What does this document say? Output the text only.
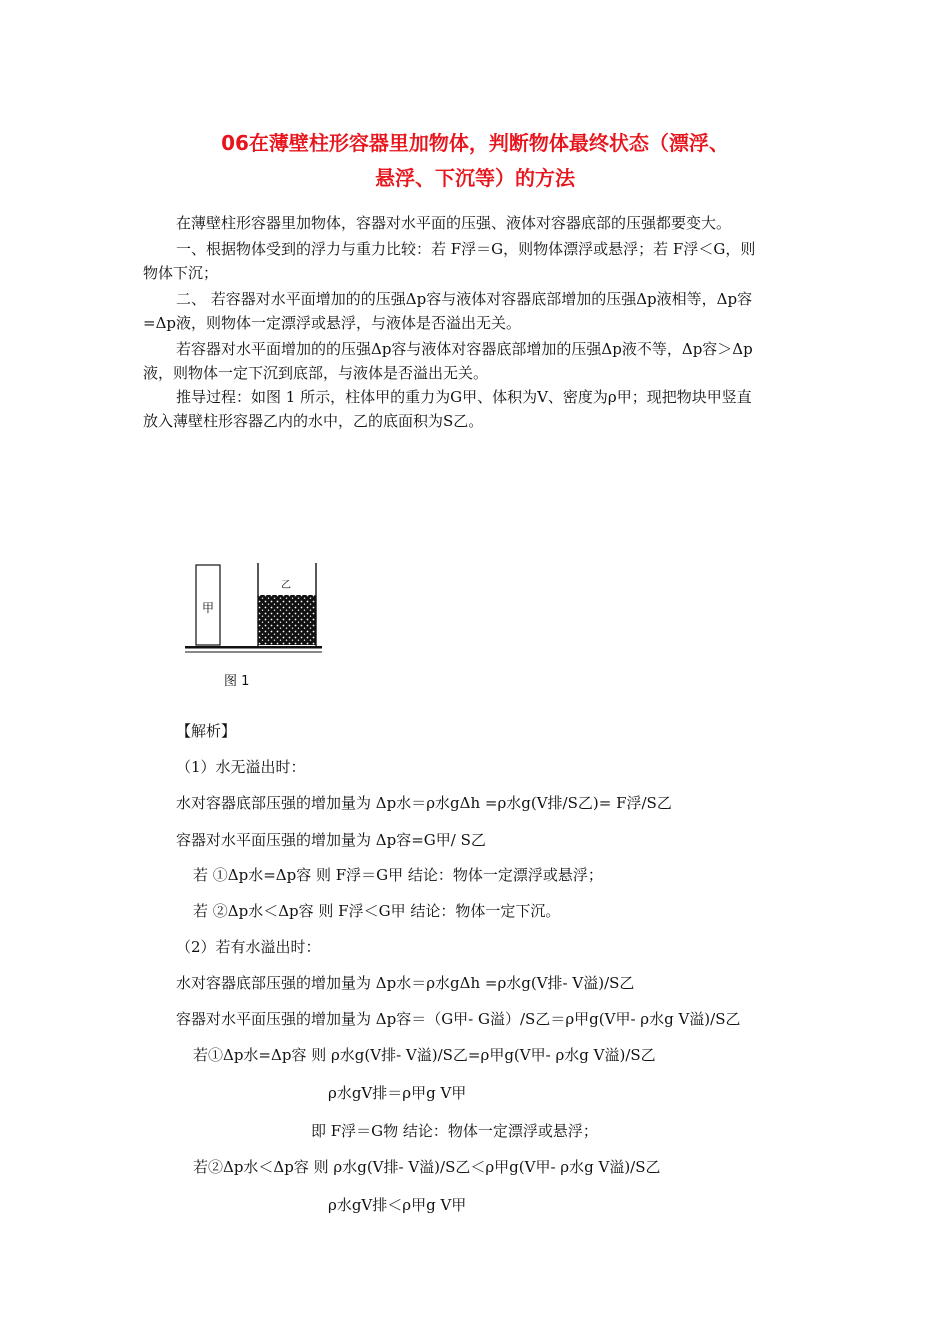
06在薄壁柱形容器里加物体，判断物体最终状态（漂浮、
悬浮、下沉等）的方法
在薄壁柱形容器里加物体，容器对水平面的压强、液体对容器底部的压强都要变大。
一、根据物体受到的浮力与重力比较：若 F浮＝G，则物体漂浮或悬浮；若 F浮＜G，则
物体下沉；
二、 若容器对水平面增加的的压强Δp容与液体对容器底部增加的压强Δp液相等，Δp容
=Δp液，则物体一定漂浮或悬浮，与液体是否溢出无关。
若容器对水平面增加的的压强Δp容与液体对容器底部增加的压强Δp液不等，Δp容＞Δp
液，则物体一定下沉到底部，与液体是否溢出无关。
推导过程：如图 1 所示，柱体甲的重力为G甲、体积为V、密度为ρ甲；现把物块甲竖直
放入薄壁柱形容器乙内的水中，乙的底面积为S乙。
甲
乙
图 1
【解析】
（1）水无溢出时：
水对容器底部压强的增加量为 Δp水＝ρ水gΔh =ρ水g(V排/S乙)= F浮/S乙
容器对水平面压强的增加量为 Δp容=G甲/ S乙
若 ①Δp水=Δp容 则 F浮＝G甲 结论：物体一定漂浮或悬浮；
若 ②Δp水＜Δp容 则 F浮＜G甲 结论：物体一定下沉。
（2）若有水溢出时：
水对容器底部压强的增加量为 Δp水＝ρ水gΔh =ρ水g(V排- V溢)/S乙
容器对水平面压强的增加量为 Δp容＝（G甲- G溢）/S乙＝ρ甲g(V甲- ρ水g V溢)/S乙
若①Δp水=Δp容 则 ρ水g(V排- V溢)/S乙=ρ甲g(V甲- ρ水g V溢)/S乙
ρ水gV排＝ρ甲g V甲
即 F浮＝G物 结论：物体一定漂浮或悬浮；
若②Δp水＜Δp容 则 ρ水g(V排- V溢)/S乙＜ρ甲g(V甲- ρ水g V溢)/S乙
ρ水gV排＜ρ甲g V甲
